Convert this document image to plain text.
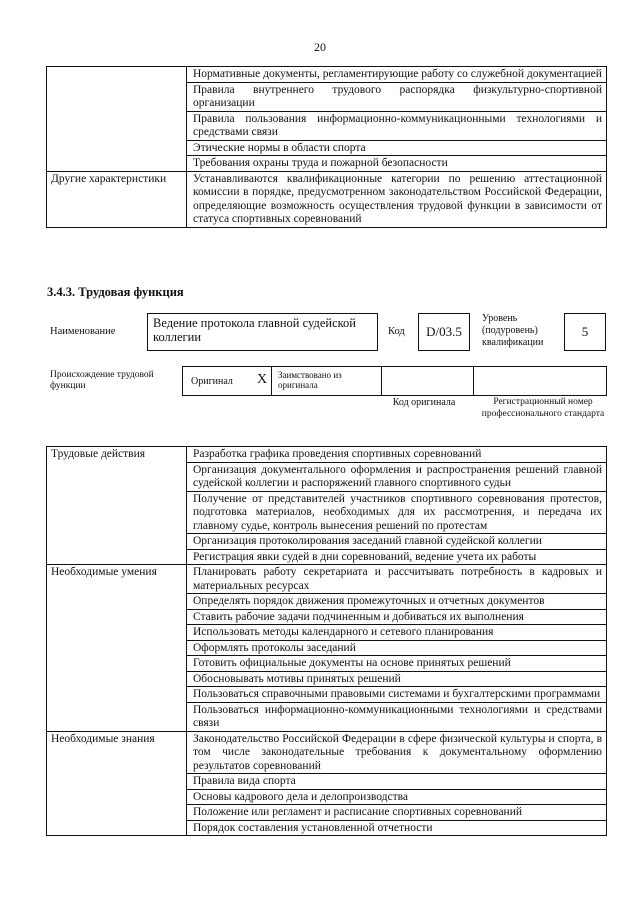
20
	Нормативные документы, регламентирующие работу со служебной документацией
	Правила внутреннего трудового распорядка физкультурно-спортивной организации
	Правила пользования информационно-коммуникационными технологиями и средствами связи
	Этические нормы в области спорта
	Требования охраны труда и пожарной безопасности
Другие характеристики	Устанавливаются квалификационные категории по решению аттестационной комиссии в порядке, предусмотренном законодательством Российской Федерации, определяющие возможность осуществления трудовой функции в зависимости от статуса спортивных соревнований
3.4.3. Трудовая функция
Наименование
Ведение протокола главной судейской коллегии	Код D/03.5
Уровень (подуровень) квалификации
5
Происхождение трудовой функции	Оригинал X Заимствовано из оригинала
Код оригинала	Регистрационный номер профессионального стандарта
Трудовые действия	Разработка графика проведения спортивных соревнований
	Организация документального оформления и распространения решений главной судейской коллегии и распоряжений главного спортивного судьи
	Получение от представителей участников спортивного соревнования протестов, подготовка материалов, необходимых для их рассмотрения, и передача их главному судье, контроль вынесения решений по протестам
	Организация протоколирования заседаний главной судейской коллегии
	Регистрация явки судей в дни соревнований, ведение учета их работы
Необходимые умения	Планировать работу секретариата и рассчитывать потребность в кадровых и материальных ресурсах
	Определять порядок движения промежуточных и отчетных документов
	Ставить рабочие задачи подчиненным и добиваться их выполнения
	Использовать методы календарного и сетевого планирования
	Оформлять протоколы заседаний
	Готовить официальные документы на основе принятых решений
	Обосновывать мотивы принятых решений
	Пользоваться справочными правовыми системами и бухгалтерскими программами
	Пользоваться информационно-коммуникационными технологиями и средствами связи
Необходимые знания	Законодательство Российской Федерации в сфере физической культуры и спорта, в том числе законодательные требования к документальному оформлению результатов соревнований
	Правила вида спорта
	Основы кадрового дела и делопроизводства
	Положение или регламент и расписание спортивных соревнований
	Порядок составления установленной отчетности
